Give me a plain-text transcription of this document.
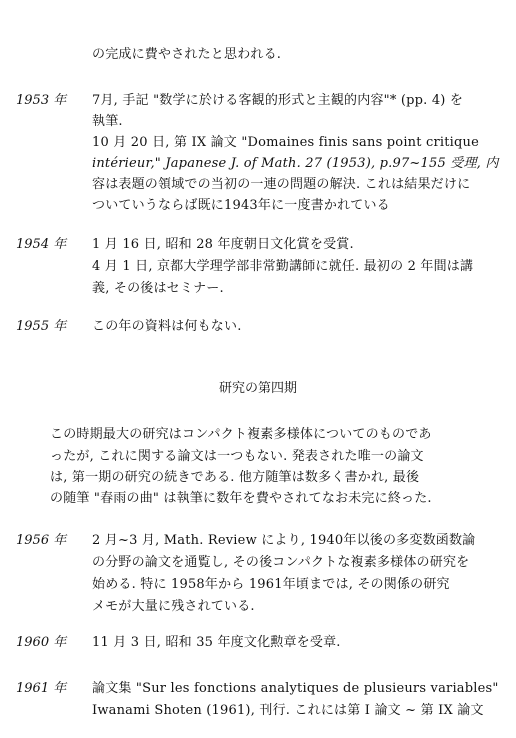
の完成に費やされたと思われる.
1953 年 7月, 手記 "数学に於ける客観的形式と主観的内容"* (pp. 4) を
執筆.
10 月 20 日, 第 IX 論文 "Domaines finis sans point critique
intérieur," Japanese J. of Math. 27 (1953), p.97~155 受理, 内
容は表題の領域での当初の一連の問題の解決. これは結果だけに
ついていうならば既に1943年に一度書かれている
1954 年 1 月 16 日, 昭和 28 年度朝日文化賞を受賞.
4 月 1 日, 京都大学理学部非常勤講師に就任. 最初の 2 年間は講
義, その後はセミナー.
1955 年 この年の資料は何もない.
研究の第四期
この時期最大の研究はコンパクト複素多様体についてのものであ
ったが, これに関する論文は一つもない. 発表された唯一の論文
は, 第一期の研究の続きである. 他方随筆は数多く書かれ, 最後
の随筆 "春雨の曲" は執筆に数年を費やされてなお未完に終った.
1956 年 2 月~3 月, Math. Review により, 1940年以後の多変数函数論
の分野の論文を通覧し, その後コンパクトな複素多様体の研究を
始める. 特に 1958年から 1961年頃までは, その関係の研究
メモが大量に残されている.
1960 年 11 月 3 日, 昭和 35 年度文化勲章を受章.
1961 年 論文集 "Sur les fonctions analytiques de plusieurs variables"
Iwanami Shoten (1961), 刊行. これには第 I 論文 ~ 第 IX 論文
